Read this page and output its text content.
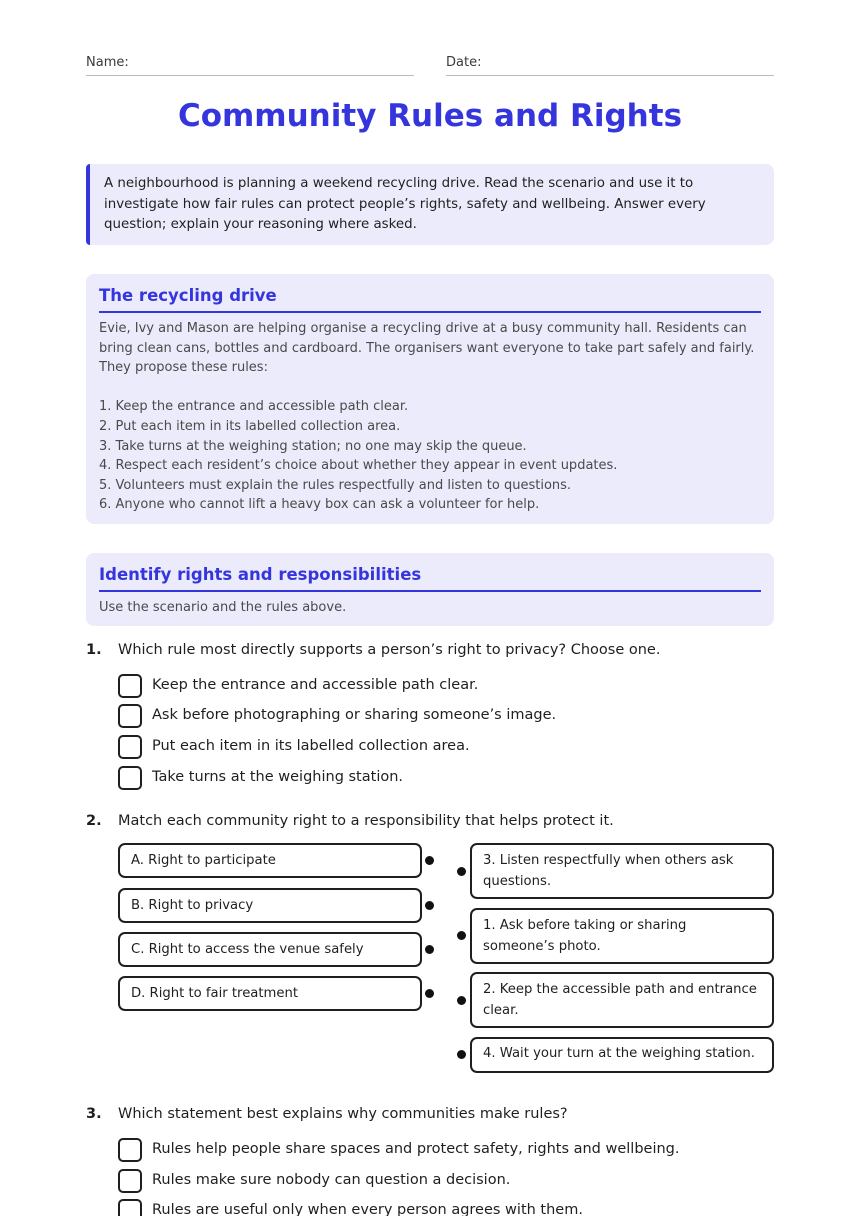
Name:	Date:
Community Rules and Rights
A neighbourhood is planning a weekend recycling drive. Read the scenario and use it to investigate how fair rules can protect people’s rights, safety and wellbeing. Answer every question; explain your reasoning where asked.
The recycling drive
Evie, Ivy and Mason are helping organise a recycling drive at a busy community hall. Residents can bring clean cans, bottles and cardboard. The organisers want everyone to take part safely and fairly. They propose these rules:
1. Keep the entrance and accessible path clear.
2. Put each item in its labelled collection area.
3. Take turns at the weighing station; no one may skip the queue.
4. Respect each resident’s choice about whether they appear in event updates.
5. Volunteers must explain the rules respectfully and listen to questions.
6. Anyone who cannot lift a heavy box can ask a volunteer for help.
Identify rights and responsibilities
Use the scenario and the rules above.
1. Which rule most directly supports a person’s right to privacy? Choose one.
Keep the entrance and accessible path clear.
Ask before photographing or sharing someone’s image.
Put each item in its labelled collection area.
Take turns at the weighing station.
2. Match each community right to a responsibility that helps protect it.
A. Right to participate
B. Right to privacy
C. Right to access the venue safely
D. Right to fair treatment
3. Listen respectfully when others ask questions.
1. Ask before taking or sharing someone’s photo.
2. Keep the accessible path and entrance clear.
4. Wait your turn at the weighing station.
3. Which statement best explains why communities make rules?
Rules help people share spaces and protect safety, rights and wellbeing.
Rules make sure nobody can question a decision.
Rules are useful only when every person agrees with them.
